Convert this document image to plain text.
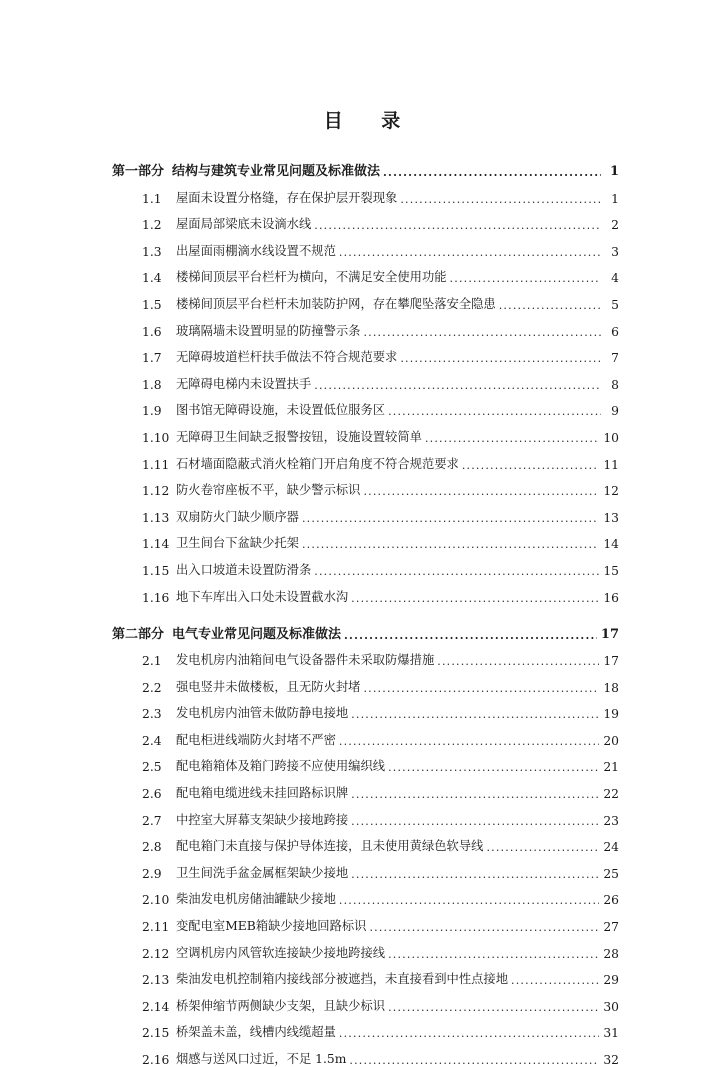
目 录
第一部分 结构与建筑专业常见问题及标准做法 .....	1
1.1	屋面未设置分格缝，存在保护层开裂现象 .....	1
1.2	屋面局部梁底未设滴水线 .....	2
1.3	出屋面雨棚滴水线设置不规范 .....	3
1.4	楼梯间顶层平台栏杆为横向，不满足安全使用功能 .....	4
1.5	楼梯间顶层平台栏杆未加装防护网，存在攀爬坠落安全隐患 .....	5
1.6	玻璃隔墙未设置明显的防撞警示条 .....	6
1.7	无障碍坡道栏杆扶手做法不符合规范要求 .....	7
1.8	无障碍电梯内未设置扶手 .....	8
1.9	图书馆无障碍设施，未设置低位服务区 .....	9
1.10 无障碍卫生间缺乏报警按钮，设施设置较简单 .....	10
1.11 石材墙面隐蔽式消火栓箱门开启角度不符合规范要求 .....	11
1.12 防火卷帘座板不平，缺少警示标识 .....	12
1.13 双扇防火门缺少顺序器 .....	13
1.14 卫生间台下盆缺少托架 .....	14
1.15 出入口坡道未设置防滑条 .....	15
1.16 地下车库出入口处未设置截水沟 .....	16
第二部分 电气专业常见问题及标准做法 .....	17
2.1	发电机房内油箱间电气设备器件未采取防爆措施 .....	17
2.2	强电竖井未做楼板，且无防火封堵 .....	18
2.3	发电机房内油管未做防静电接地 .....	19
2.4	配电柜进线端防火封堵不严密 .....	20
2.5	配电箱箱体及箱门跨接不应使用编织线 .....	21
2.6	配电箱电缆进线未挂回路标识牌 .....	22
2.7	中控室大屏幕支架缺少接地跨接 .....	23
2.8	配电箱门未直接与保护导体连接，且未使用黄绿色软导线 .....	24
2.9	卫生间洗手盆金属框架缺少接地 .....	25
2.10 柴油发电机房储油罐缺少接地 .....	26
2.11 变配电室MEB箱缺少接地回路标识 .....	27
2.12 空调机房内风管软连接缺少接地跨接线 .....	28
2.13 柴油发电机控制箱内接线部分被遮挡，未直接看到中性点接地 .....	29
2.14 桥架伸缩节两侧缺少支架，且缺少标识 .....	30
2.15 桥架盖未盖，线槽内线缆超量 .....	31
2.16 烟感与送风口过近，不足 1.5m .....	32
